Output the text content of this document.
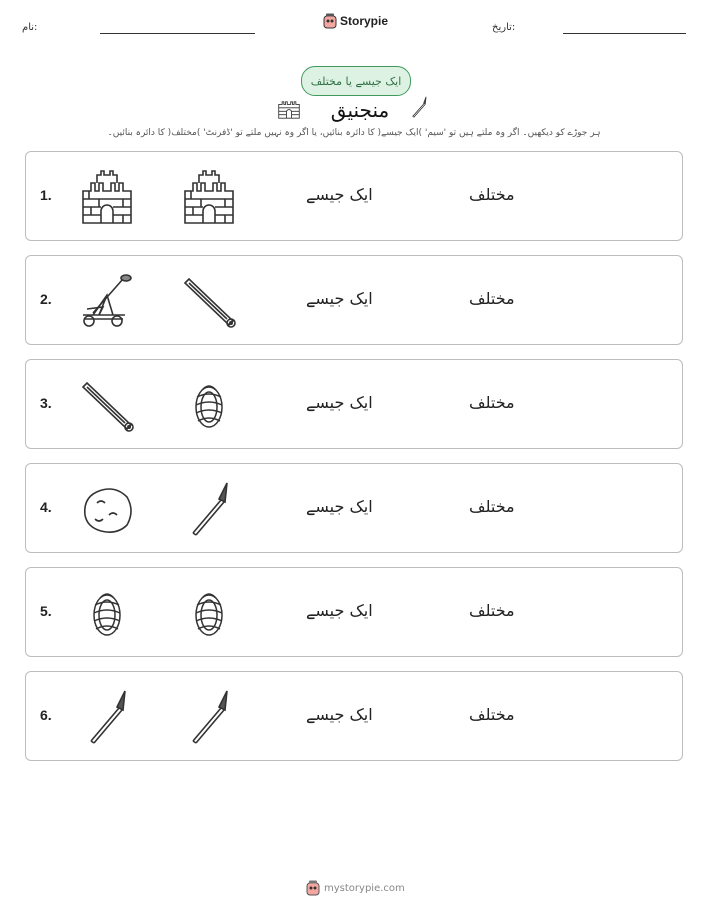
نام:	Storypie	تاریخ:
ایک جیسے یا مختلف
منجنیق
ہر جوڑے کو دیکھیں۔ اگر وہ ملتے ہیں تو 'سیم' )ایک جیسے( کا دائرہ بنائیں، یا اگر وہ نہیں ملتے تو 'ڈفرنٹ' )مختلف( کا دائرہ بنائیں۔
1.	ایک جیسے	مختلف
2.	ایک جیسے	مختلف
3.	ایک جیسے	مختلف
4.	ایک جیسے	مختلف
5.	ایک جیسے	مختلف
6.	ایک جیسے	مختلف
mystorypie.com
